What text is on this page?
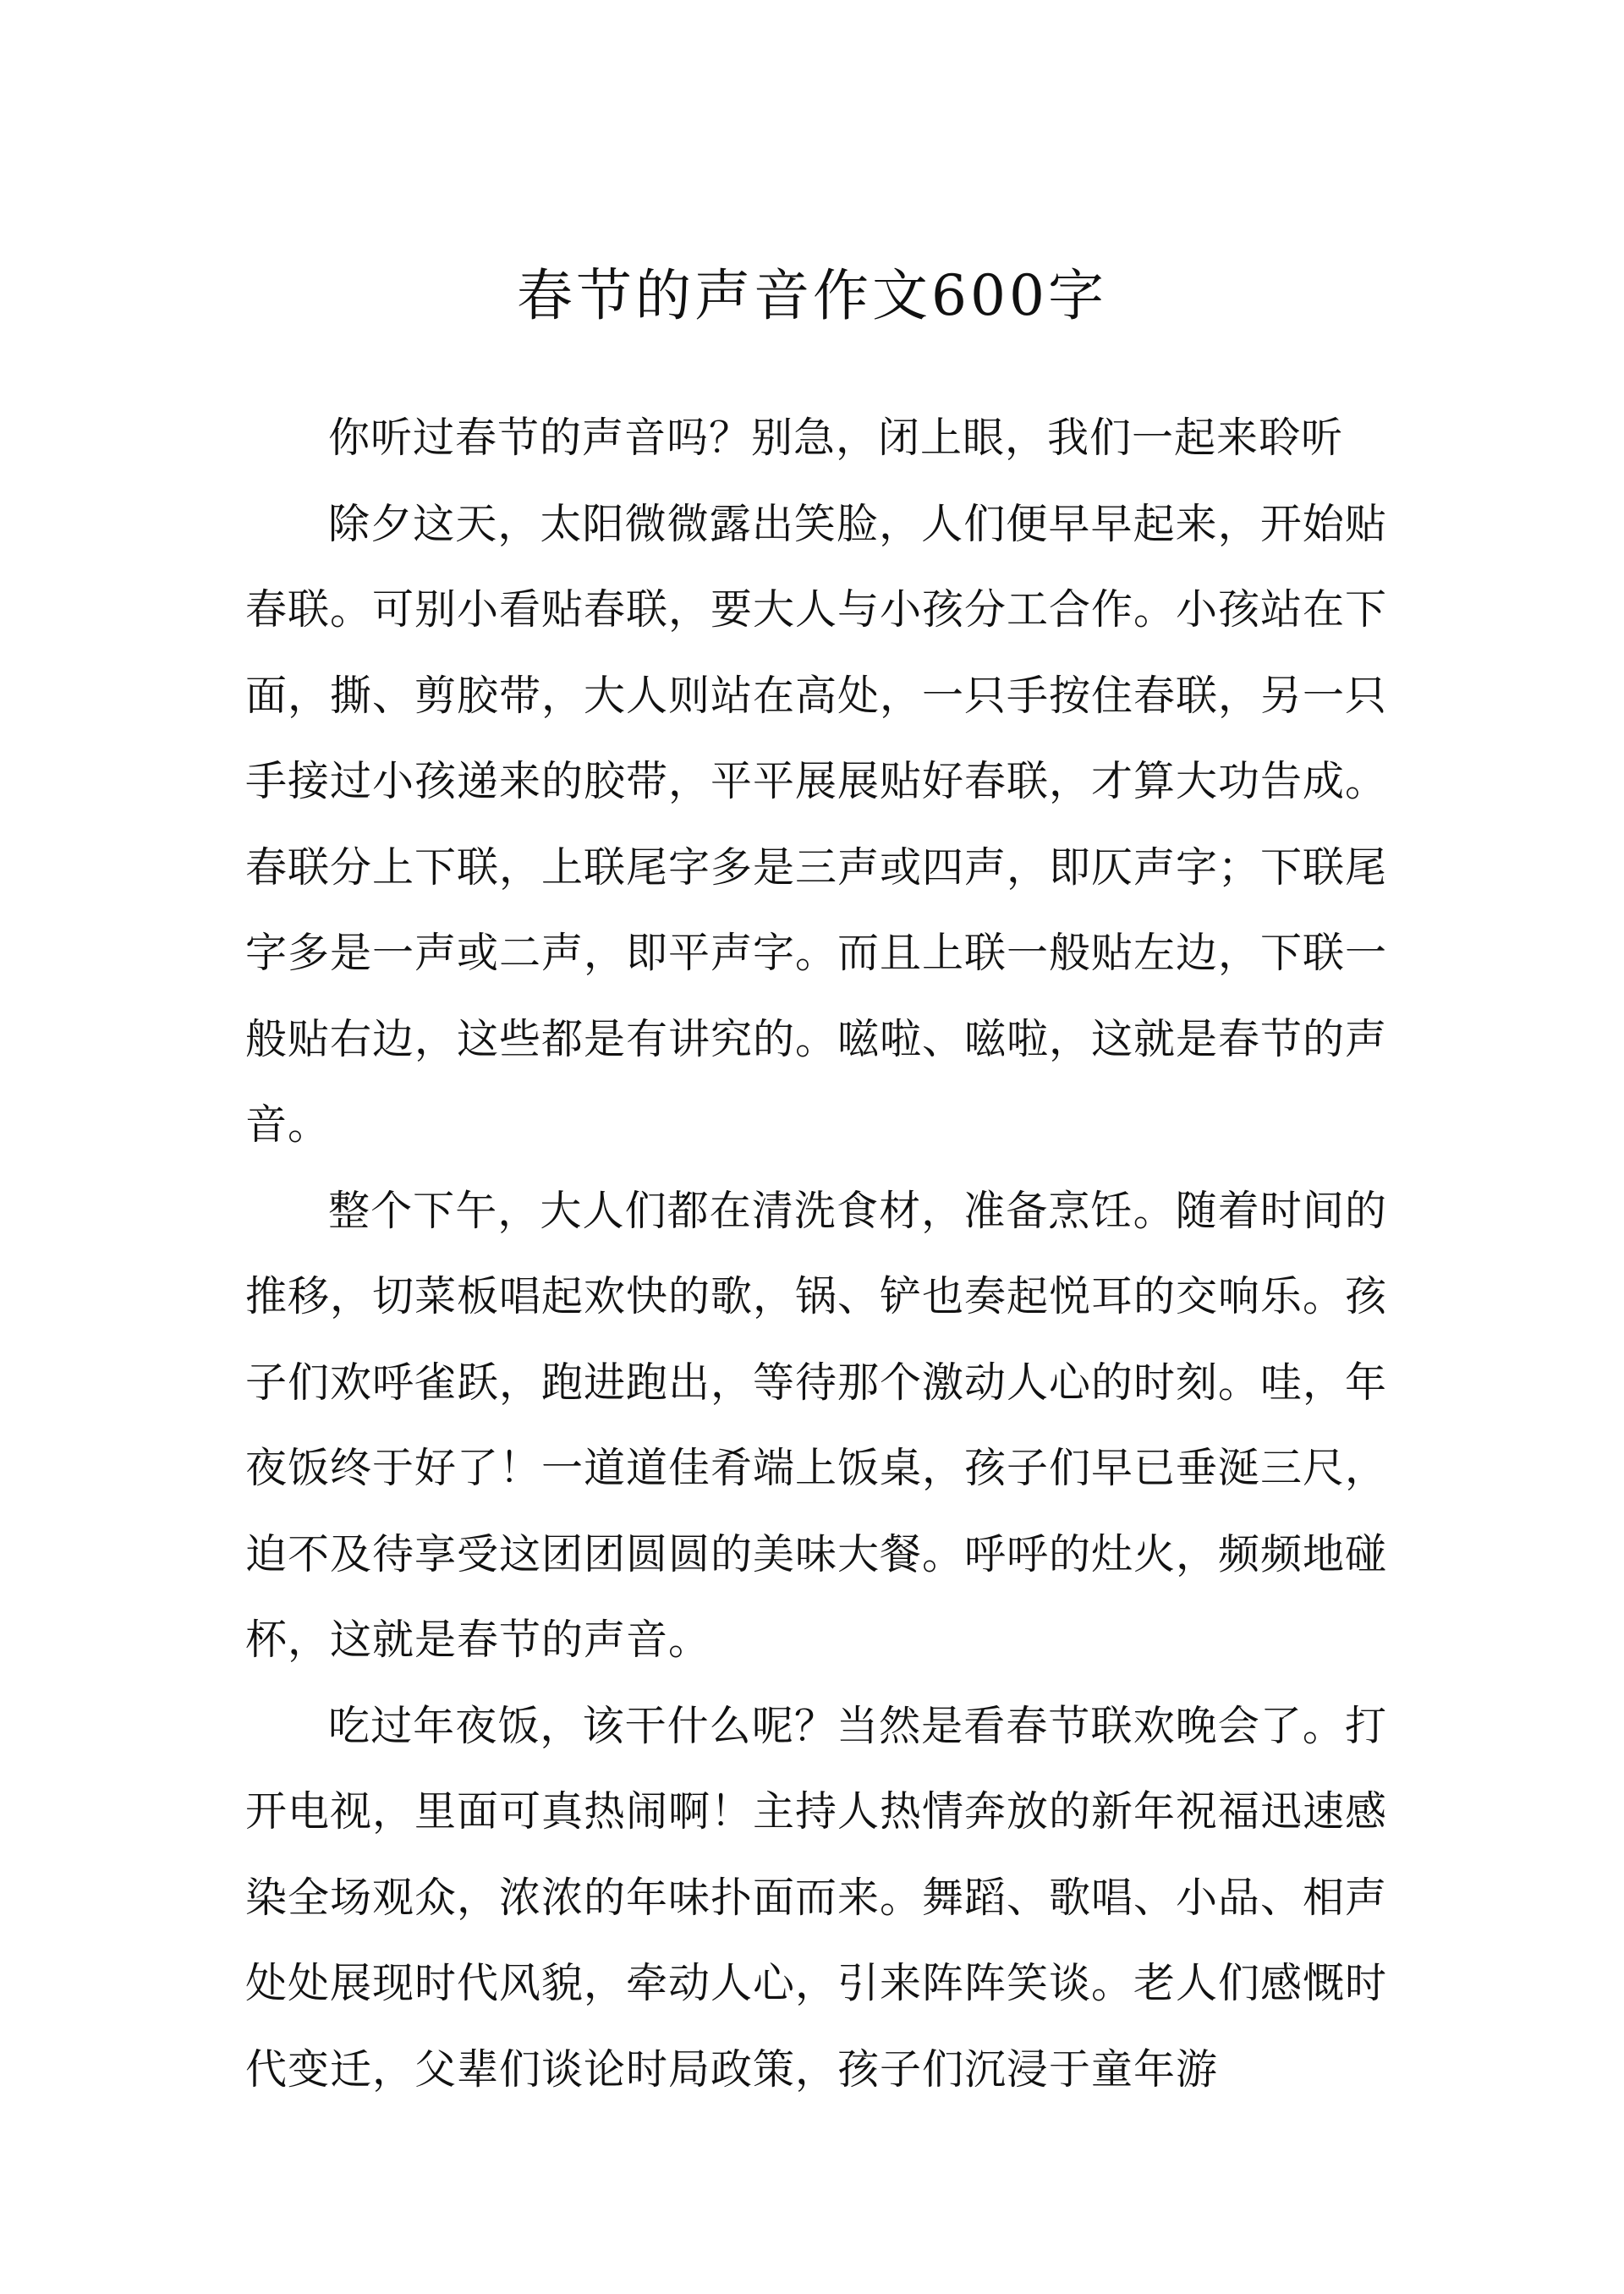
春节的声音作文600字

你听过春节的声音吗？别急，闭上眼，我们一起来聆听

除夕这天，太阳微微露出笑脸，人们便早早起来，开始贴春联。可别小看贴春联，要大人与小孩分工合作。小孩站在下面，撕、剪胶带，大人则站在高处，一只手按住春联，另一只手接过小孩递来的胶带，平平展展贴好春联，才算大功告成。春联分上下联，上联尾字多是三声或四声，即仄声字；下联尾字多是一声或二声，即平声字。而且上联一般贴左边，下联一般贴右边，这些都是有讲究的。嗞啦、嗞啦，这就是春节的声音。

整个下午，大人们都在清洗食材，准备烹饪。随着时间的推移，切菜板唱起欢快的歌，锅、铲也奏起悦耳的交响乐。孩子们欢呼雀跃，跑进跑出，等待那个激动人心的时刻。哇，年夜饭终于好了！一道道佳肴端上饭桌，孩子们早已垂涎三尺，迫不及待享受这团团圆圆的美味大餐。呼呼的灶火，频频地碰杯，这就是春节的声音。

吃过年夜饭，该干什么呢？当然是看春节联欢晚会了。打开电视，里面可真热闹啊！主持人热情奔放的新年祝福迅速感染全场观众，浓浓的年味扑面而来。舞蹈、歌唱、小品、相声处处展现时代风貌，牵动人心，引来阵阵笑谈。老人们感慨时代变迁，父辈们谈论时局政策，孩子们沉浸于童年游
